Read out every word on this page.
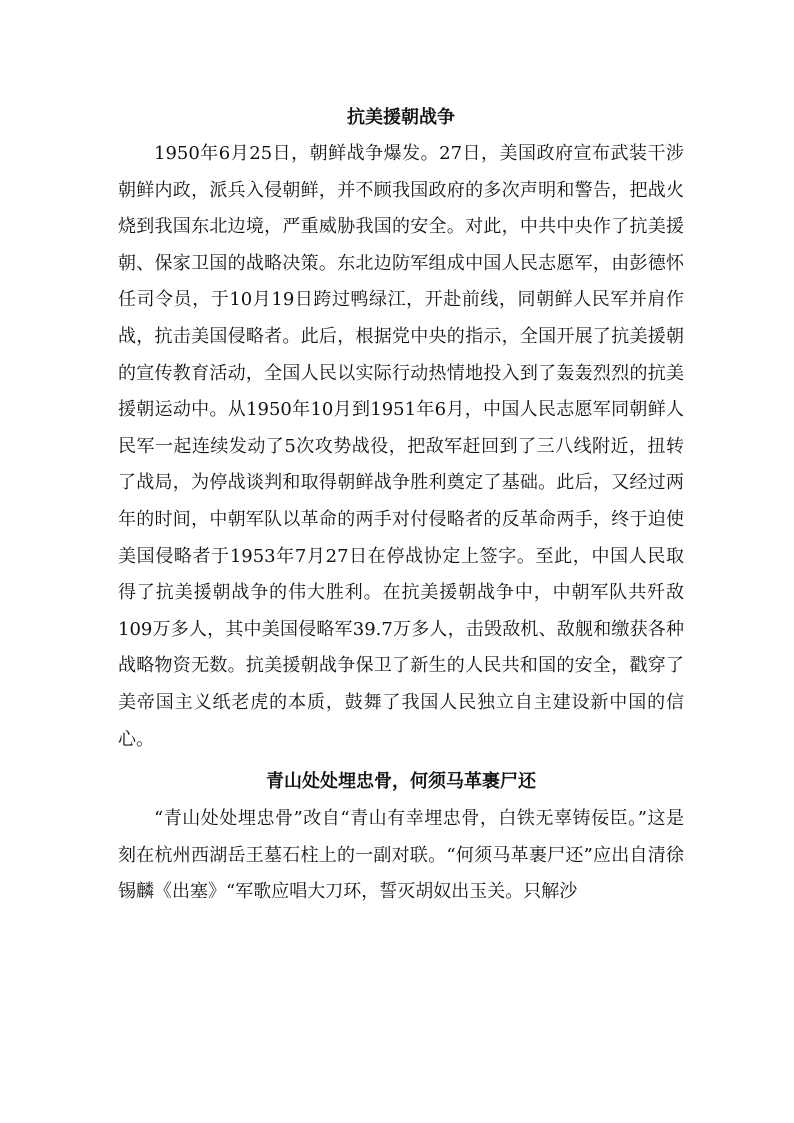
抗美援朝战争

1950年6月25日，朝鲜战争爆发。27日，美国政府宣布武装干涉朝鲜内政，派兵入侵朝鲜，并不顾我国政府的多次声明和警告，把战火烧到我国东北边境，严重威胁我国的安全。对此，中共中央作了抗美援朝、保家卫国的战略决策。东北边防军组成中国人民志愿军，由彭德怀任司令员，于10月19日跨过鸭绿江，开赴前线，同朝鲜人民军并肩作战，抗击美国侵略者。此后，根据党中央的指示，全国开展了抗美援朝的宣传教育活动，全国人民以实际行动热情地投入到了轰轰烈烈的抗美援朝运动中。从1950年10月到1951年6月，中国人民志愿军同朝鲜人民军一起连续发动了5次攻势战役，把敌军赶回到了三八线附近，扭转了战局，为停战谈判和取得朝鲜战争胜利奠定了基础。此后，又经过两年的时间，中朝军队以革命的两手对付侵略者的反革命两手，终于迫使美国侵略者于1953年7月27日在停战协定上签字。至此，中国人民取得了抗美援朝战争的伟大胜利。在抗美援朝战争中，中朝军队共歼敌109万多人，其中美国侵略军39.7万多人，击毁敌机、敌舰和缴获各种战略物资无数。抗美援朝战争保卫了新生的人民共和国的安全，戳穿了美帝国主义纸老虎的本质，鼓舞了我国人民独立自主建设新中国的信心。

青山处处埋忠骨，何须马革裹尸还

“青山处处埋忠骨”改自“青山有幸埋忠骨，白铁无辜铸佞臣。”这是刻在杭州西湖岳王墓石柱上的一副对联。“何须马革裹尸还”应出自清徐锡麟《出塞》“军歌应唱大刀环，誓灭胡奴出玉关。只解沙
